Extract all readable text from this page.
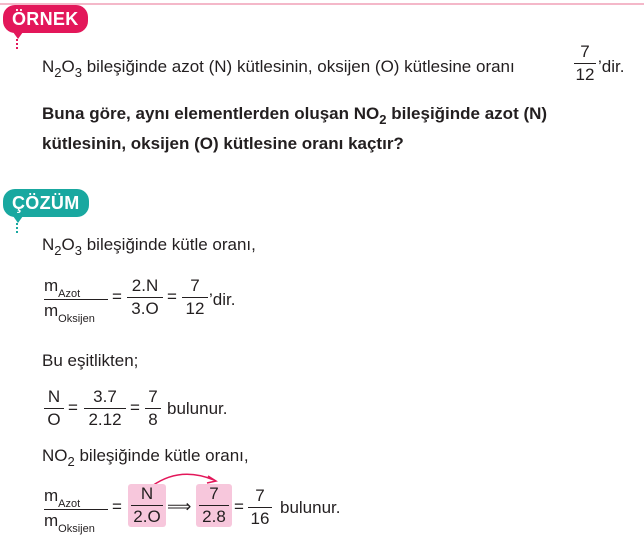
ÖRNEK
$N_2O_3$ bileşiğinde azot (N) kütlesinin, oksijen (O) kütlesine oranı
7
12 ’dir.
Buna göre, aynı elementlerden oluşan $NO_2$ bileşiğinde azot (N)
kütlesinin, oksijen (O) kütlesine oranı kaçtır?
ÇÖZÜM
$N_2O_3$ bileşiğinde kütle oranı,
$m_{Azot}$
$m_{Oksijen}$
=
2.N
3.O
=
7
12 ’dir.
Bu eşitlikten;
N
O
=
3.7
2.12
=
7
8
bulunur.
$NO_2$ bileşiğinde kütle oranı,
$m_{Azot}$
$m_{Oksijen}$
=
N
2.O
⟹
7
2.8
=
7
16
bulunur.
